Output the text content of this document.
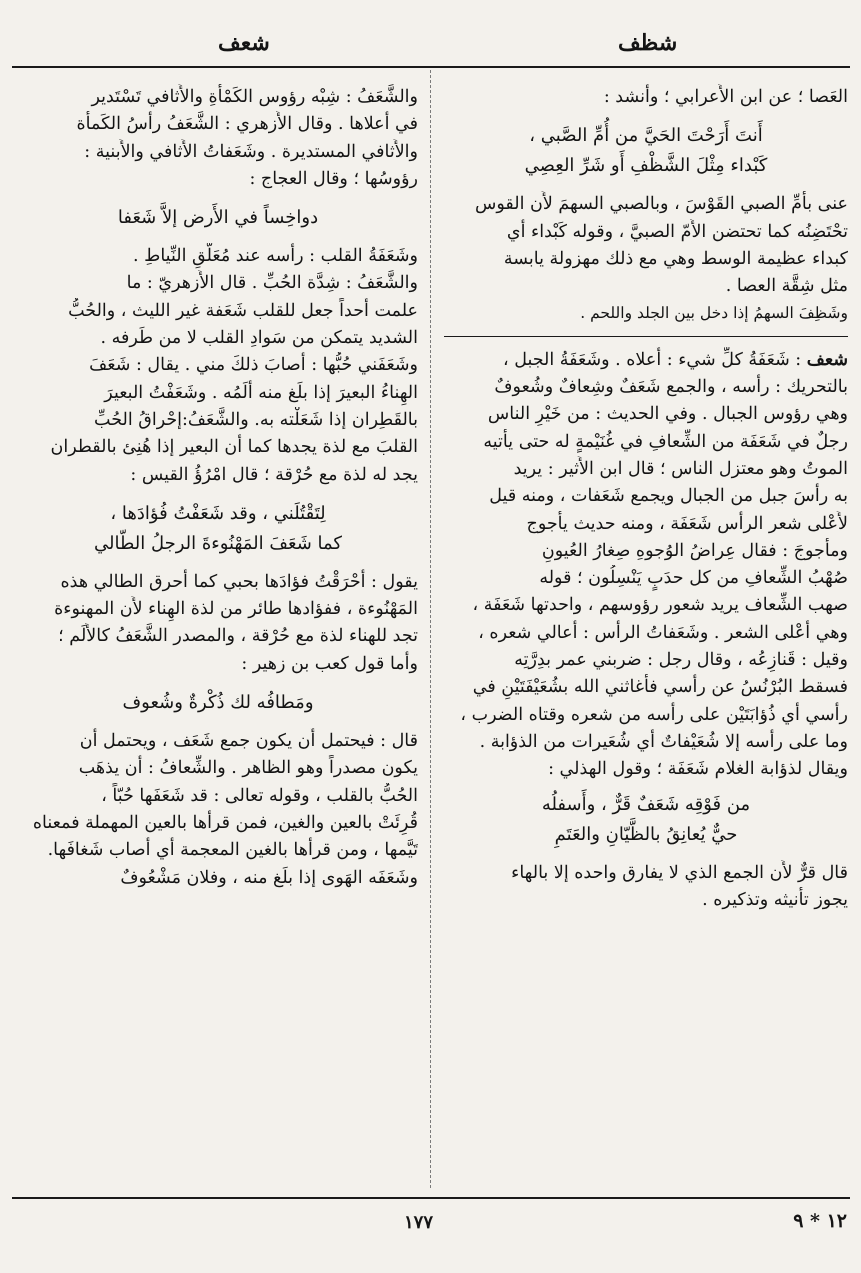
شعف	شظف
العَصا ؛ عن ابن الأَعرابي ؛ وأَنشد :
أَنتَ أَرَحْتَ الحَيَّ من أُمِّ الصَّبي ،
كَبْداء مِثْلَ الشَّظْفِ أَو شَرِّ العِصِي
عنى بأُمِّ الصبي القَوْسَ ، وبالصبي السهمَ لأَن القوس
تحْتَضِنُه كما تحتضن الأُمّ الصبيَّ ، وقوله كَبْداء أَي
كبداء عظيمة الوسط وهي مع ذلك مهزولة يابسة
مثل شِقَّة العصا .
وشَظِفَ السهمُ إذا دخل بين الجلد واللحم .
شعف : شَعَفَةُ كلِّ شيء : أَعلاه . وشَعَفَةُ الجبل ،
بالتحريك : رأْسه ، والجمع شَعَفٌ وشِعافٌ وشُعوفٌ
وهي رؤوس الجبال . وفي الحديث : من خَيْرِ الناس
رجلٌ في شَعَفَة من الشِّعافِ في غُنَيْمةٍ له حتى يأْتيه
الموتُ وهو معتزل الناس ؛ قال ابن الأَثير : يريد
به رأْسَ جبل من الجبال ويجمع شَعَفات ، ومنه قيل
لأَعْلى شعر الرأْس شَعَفَة ، ومنه حديث يأْجوج
ومأْجوجَ : فقال عِراضُ الوُجوهِ صِغارُ العُيونِ
صُهْبُ الشِّعافِ من كل حدَبٍ يَنْسِلُون ؛ قوله
صهب الشِّعاف يريد شعور رؤوسهم ، واحدتها شَعَفَة ،
وهي أَعْلى الشعر . وشَعَفاتُ الرأْس : أَعالي شعره ،
وقيل : قَنازِعُه ، وقال رجل : ضربني عمر بدِرَّتِه
فسقط البُرْنُسُ عن رأْسي فأَغاثني الله بشُعَيْفَتَيْنِ في
رأْسي أَي ذُؤابَتَيْن على رأْسه من شعره وقتاه الضرب ،
وما على رأْسه إلا شُعَيْفاتٌ أَي شُعَيرات من الذؤابة .
ويقال لذؤابة الغلام شَعَفَة ؛ وقول الهذلي :
من فَوْقِه شَعَفٌ قَرٌّ ، وأَسفلُه
حيٌّ يُعانِقُ بالظَّيّانِ والعَتَمِ
قال قرٌّ لأَن الجمع الذي لا يفارق واحده إلا بالهاء
يجوز تأْنيثه وتذكيره .
والشَّعَفُ : شِبْه رؤوس الكَمْأَةِ والأَثافي تَسْتَدير
في أَعلاها . وقال الأَزهري : الشَّعَفُ رأْسُ الكَمأَة
والأَثافي المستديرة . وشَعَفاتُ الأَثافي والأَبنية :
رؤوسُها ؛ وقال العجاج :
دواخِساً في الأَرض إلاَّ شَعَفا
وشَعَفَةُ القلب : رأْسه عند مُعَلَّقِ النِّياطِ .
والشَّعَفُ : شِدَّة الحُبِّ . قال الأَزهريّ : ما
علمت أَحداً جعل للقلب شَعَفة غير الليث ، والحُبُّ
الشديد يتمكن من سَوادِ القلب لا من طَرفه .
وشَعَفَني حُبُّها : أَصابَ ذلكَ مني . يقال : شَعَفَ
الهِناءُ البعيرَ إذا بلَغ منه أَلَمُه . وشَعَفْتُ البعيرَ
بالقَطِران إذا شَعَلْته به. والشَّعَفُ:إحْراقُ الحُبِّ
القلبَ مع لذة يجدها كما أَن البعير إذا هُنِئ بالقطران
يجد له لذة مع حُرْقة ؛ قال امْرُؤُ القيس :
لِتَقْتُلَني ، وقد شَعَفْتُ فُؤادَها ،
كما شَعَفَ المَهْنُوءةَ الرجلُ الطّالي
يقول : أَحْرَقْتُ فؤادَها بحبي كما أَحرق الطالي هذه
المَهْنُوءة ، ففؤادها طائر من لذة الهِناء لأَن المهنوءة
تجد للهناء لذة مع حُرْقة ، والمصدر الشَّعَفُ كالأَلَم ؛
وأَما قول كعب بن زهير :
ومَطافُه لك ذُكْرةٌ وشُعوف
قال : فيحتمل أَن يكون جمع شَعَف ، ويحتمل أَن
يكون مصدراً وهو الظاهر . والشِّعافُ : أَن يذهَب
الحُبُّ بالقلب ، وقوله تعالى : قد شَعَفَها حُبّاً ،
قُرِئَتْ بالعين والغين، فمن قرأها بالعين المهملة فمعناه
تَيَّمها ، ومن قرأها بالغين المعجمة أَي أَصاب شَغافَها.
وشَعَفَه الهَوى إذا بلَغ منه ، وفلان مَشْعُوفٌ
١٧٧	١٢ * ٩
